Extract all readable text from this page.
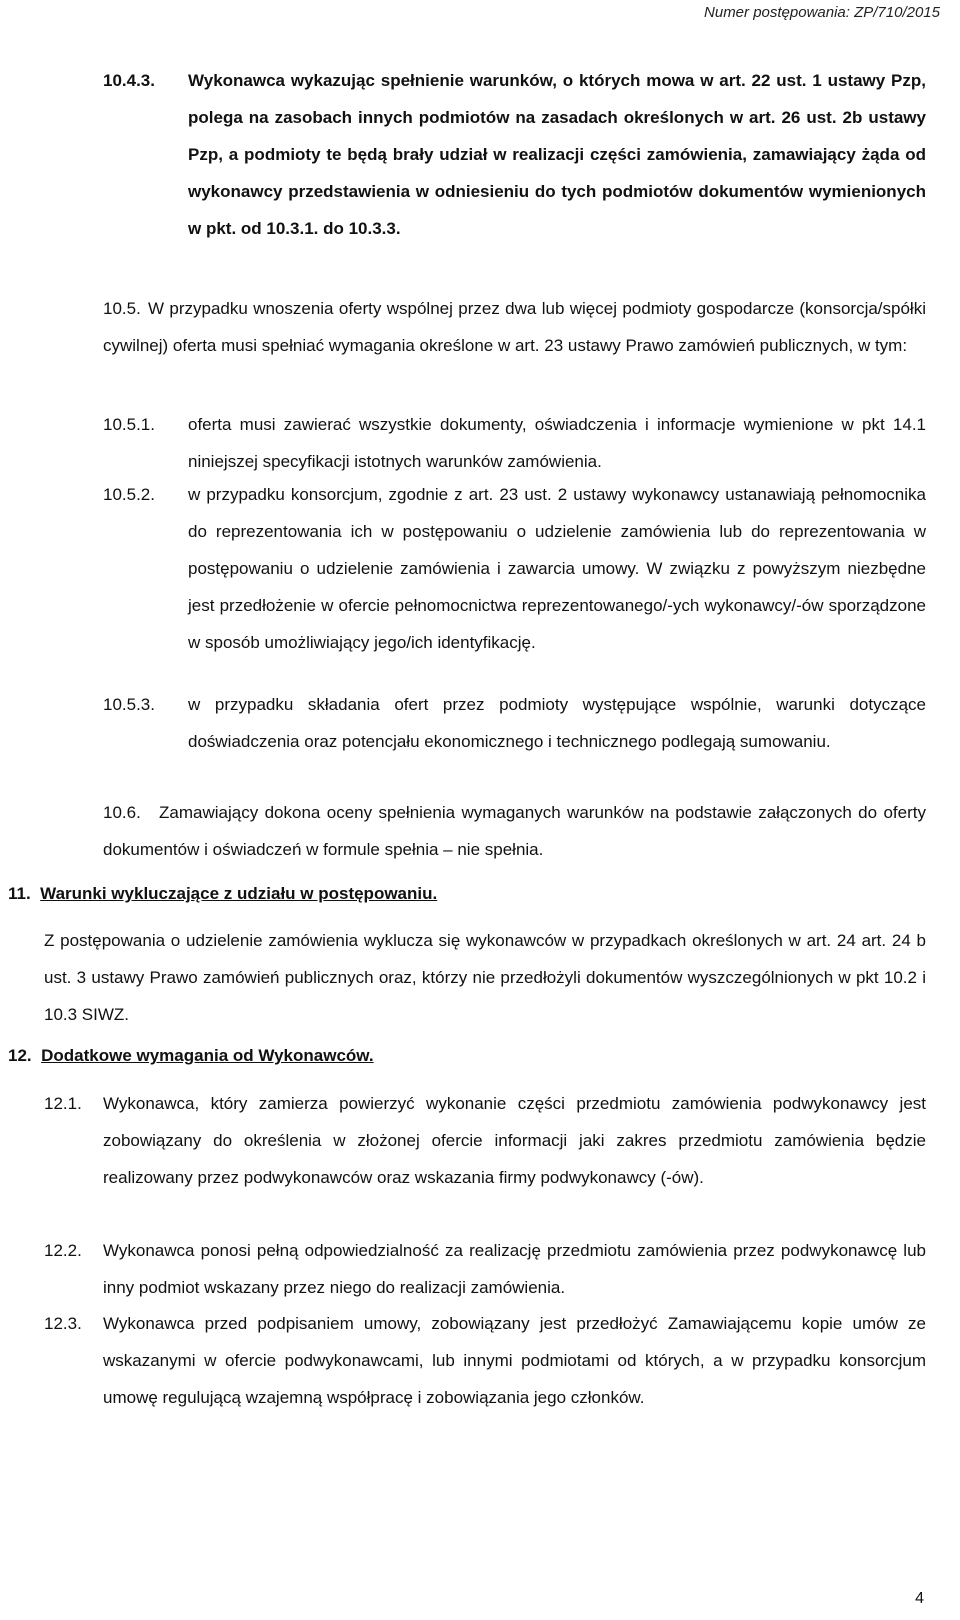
Numer postępowania: ZP/710/2015
10.4.3. Wykonawca wykazując spełnienie warunków, o których mowa w art. 22 ust. 1 ustawy Pzp, polega na zasobach innych podmiotów na zasadach określonych w art. 26 ust. 2b ustawy Pzp, a podmioty te będą brały udział w realizacji części zamówienia, zamawiający żąda od wykonawcy przedstawienia w odniesieniu do tych podmiotów dokumentów wymienionych w pkt. od 10.3.1. do 10.3.3.

10.5. W przypadku wnoszenia oferty wspólnej przez dwa lub więcej podmioty gospodarcze (konsorcja/spółki cywilnej) oferta musi spełniać wymagania określone w art. 23 ustawy Prawo zamówień publicznych, w tym:

10.5.1. oferta musi zawierać wszystkie dokumenty, oświadczenia i informacje wymienione w pkt 14.1 niniejszej specyfikacji istotnych warunków zamówienia.

10.5.2. w przypadku konsorcjum, zgodnie z art. 23 ust. 2 ustawy wykonawcy ustanawiają pełnomocnika do reprezentowania ich w postępowaniu o udzielenie zamówienia lub do reprezentowania w postępowaniu o udzielenie zamówienia i zawarcia umowy. W związku z powyższym niezbędne jest przedłożenie w ofercie pełnomocnictwa reprezentowanego/-ych wykonawcy/-ów sporządzone w sposób umożliwiający jego/ich identyfikację.

10.5.3. w przypadku składania ofert przez podmioty występujące wspólnie, warunki dotyczące doświadczenia oraz potencjału ekonomicznego i technicznego podlegają sumowaniu.

10.6.	Zamawiający dokona oceny spełnienia wymaganych warunków na podstawie załączonych do oferty dokumentów i oświadczeń w formule spełnia – nie spełnia.

11. Warunki wykluczające z udziału w postępowaniu.

Z postępowania o udzielenie zamówienia wyklucza się wykonawców w przypadkach określonych w art. 24 art. 24 b ust. 3 ustawy Prawo zamówień publicznych oraz, którzy nie przedłożyli dokumentów wyszczególnionych w pkt 10.2 i 10.3 SIWZ.

12. Dodatkowe wymagania od Wykonawców.
12.1. Wykonawca, który zamierza powierzyć wykonanie części przedmiotu zamówienia podwykonawcy jest zobowiązany do określenia w złożonej ofercie informacji jaki zakres przedmiotu zamówienia będzie realizowany przez podwykonawców oraz wskazania firmy podwykonawcy (-ów).

12.2. Wykonawca ponosi pełną odpowiedzialność za realizację przedmiotu zamówienia przez podwykonawcę lub inny podmiot wskazany przez niego do realizacji zamówienia.

12.3. Wykonawca przed podpisaniem umowy, zobowiązany jest przedłożyć Zamawiającemu kopie umów ze wskazanymi w ofercie podwykonawcami, lub innymi podmiotami od których, a w przypadku konsorcjum umowę regulującą wzajemną współpracę i zobowiązania jego członków.

4
